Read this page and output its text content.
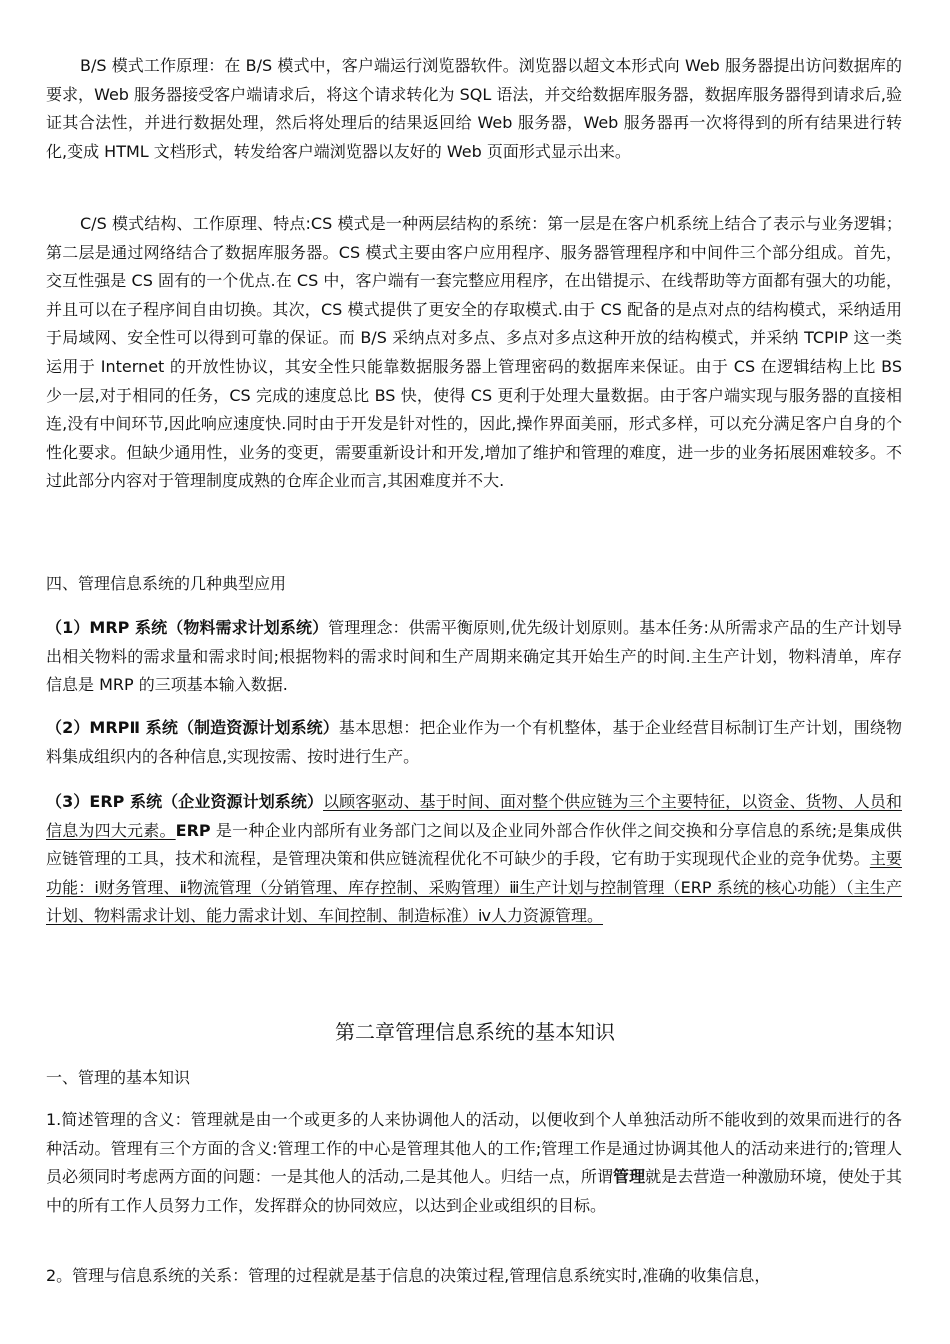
B/S 模式工作原理：在 B/S 模式中，客户端运行浏览器软件。浏览器以超文本形式向 Web 服务器提出访问数据库的要求，Web 服务器接受客户端请求后，将这个请求转化为 SQL 语法，并交给数据库服务器，数据库服务器得到请求后,验证其合法性，并进行数据处理，然后将处理后的结果返回给 Web 服务器，Web 服务器再一次将得到的所有结果进行转化,变成 HTML 文档形式，转发给客户端浏览器以友好的 Web 页面形式显示出来。

C/S 模式结构、工作原理、特点:CS 模式是一种两层结构的系统：第一层是在客户机系统上结合了表示与业务逻辑；第二层是通过网络结合了数据库服务器。CS 模式主要由客户应用程序、服务器管理程序和中间件三个部分组成。首先，交互性强是 CS 固有的一个优点.在 CS 中，客户端有一套完整应用程序，在出错提示、在线帮助等方面都有强大的功能，并且可以在子程序间自由切换。其次，CS 模式提供了更安全的存取模式.由于 CS 配备的是点对点的结构模式，采纳适用于局域网、安全性可以得到可靠的保证。而 B/S 采纳点对多点、多点对多点这种开放的结构模式，并采纳 TCPIP 这一类运用于 Internet 的开放性协议，其安全性只能靠数据服务器上管理密码的数据库来保证。由于 CS 在逻辑结构上比 BS 少一层,对于相同的任务，CS 完成的速度总比 BS 快，使得 CS 更利于处理大量数据。由于客户端实现与服务器的直接相连,没有中间环节,因此响应速度快.同时由于开发是针对性的，因此,操作界面美丽，形式多样，可以充分满足客户自身的个性化要求。但缺少通用性，业务的变更，需要重新设计和开发,增加了维护和管理的难度，进一步的业务拓展困难较多。不过此部分内容对于管理制度成熟的仓库企业而言,其困难度并不大.

四、管理信息系统的几种典型应用

（1）MRP 系统（物料需求计划系统）管理理念：供需平衡原则,优先级计划原则。基本任务:从所需求产品的生产计划导出相关物料的需求量和需求时间;根据物料的需求时间和生产周期来确定其开始生产的时间.主生产计划，物料清单，库存信息是 MRP 的三项基本输入数据.

（2）MRPⅡ 系统（制造资源计划系统）基本思想：把企业作为一个有机整体，基于企业经营目标制订生产计划，围绕物料集成组织内的各种信息,实现按需、按时进行生产。

（3）ERP 系统（企业资源计划系统）以顾客驱动、基于时间、面对整个供应链为三个主要特征，以资金、货物、人员和信息为四大元素。ERP 是一种企业内部所有业务部门之间以及企业同外部合作伙伴之间交换和分享信息的系统;是集成供应链管理的工具，技术和流程，是管理决策和供应链流程优化不可缺少的手段，它有助于实现现代企业的竞争优势。主要功能：ⅰ财务管理、ⅱ物流管理（分销管理、库存控制、采购管理）ⅲ生产计划与控制管理（ERP 系统的核心功能）（主生产计划、物料需求计划、能力需求计划、车间控制、制造标准）ⅳ人力资源管理。

第二章管理信息系统的基本知识

一、管理的基本知识

1.简述管理的含义：管理就是由一个或更多的人来协调他人的活动，以便收到个人单独活动所不能收到的效果而进行的各种活动。管理有三个方面的含义:管理工作的中心是管理其他人的工作;管理工作是通过协调其他人的活动来进行的;管理人员必须同时考虑两方面的问题：一是其他人的活动,二是其他人。归结一点，所谓管理就是去营造一种激励环境，使处于其中的所有工作人员努力工作，发挥群众的协同效应，以达到企业或组织的目标。

2。管理与信息系统的关系：管理的过程就是基于信息的决策过程,管理信息系统实时,准确的收集信息，
